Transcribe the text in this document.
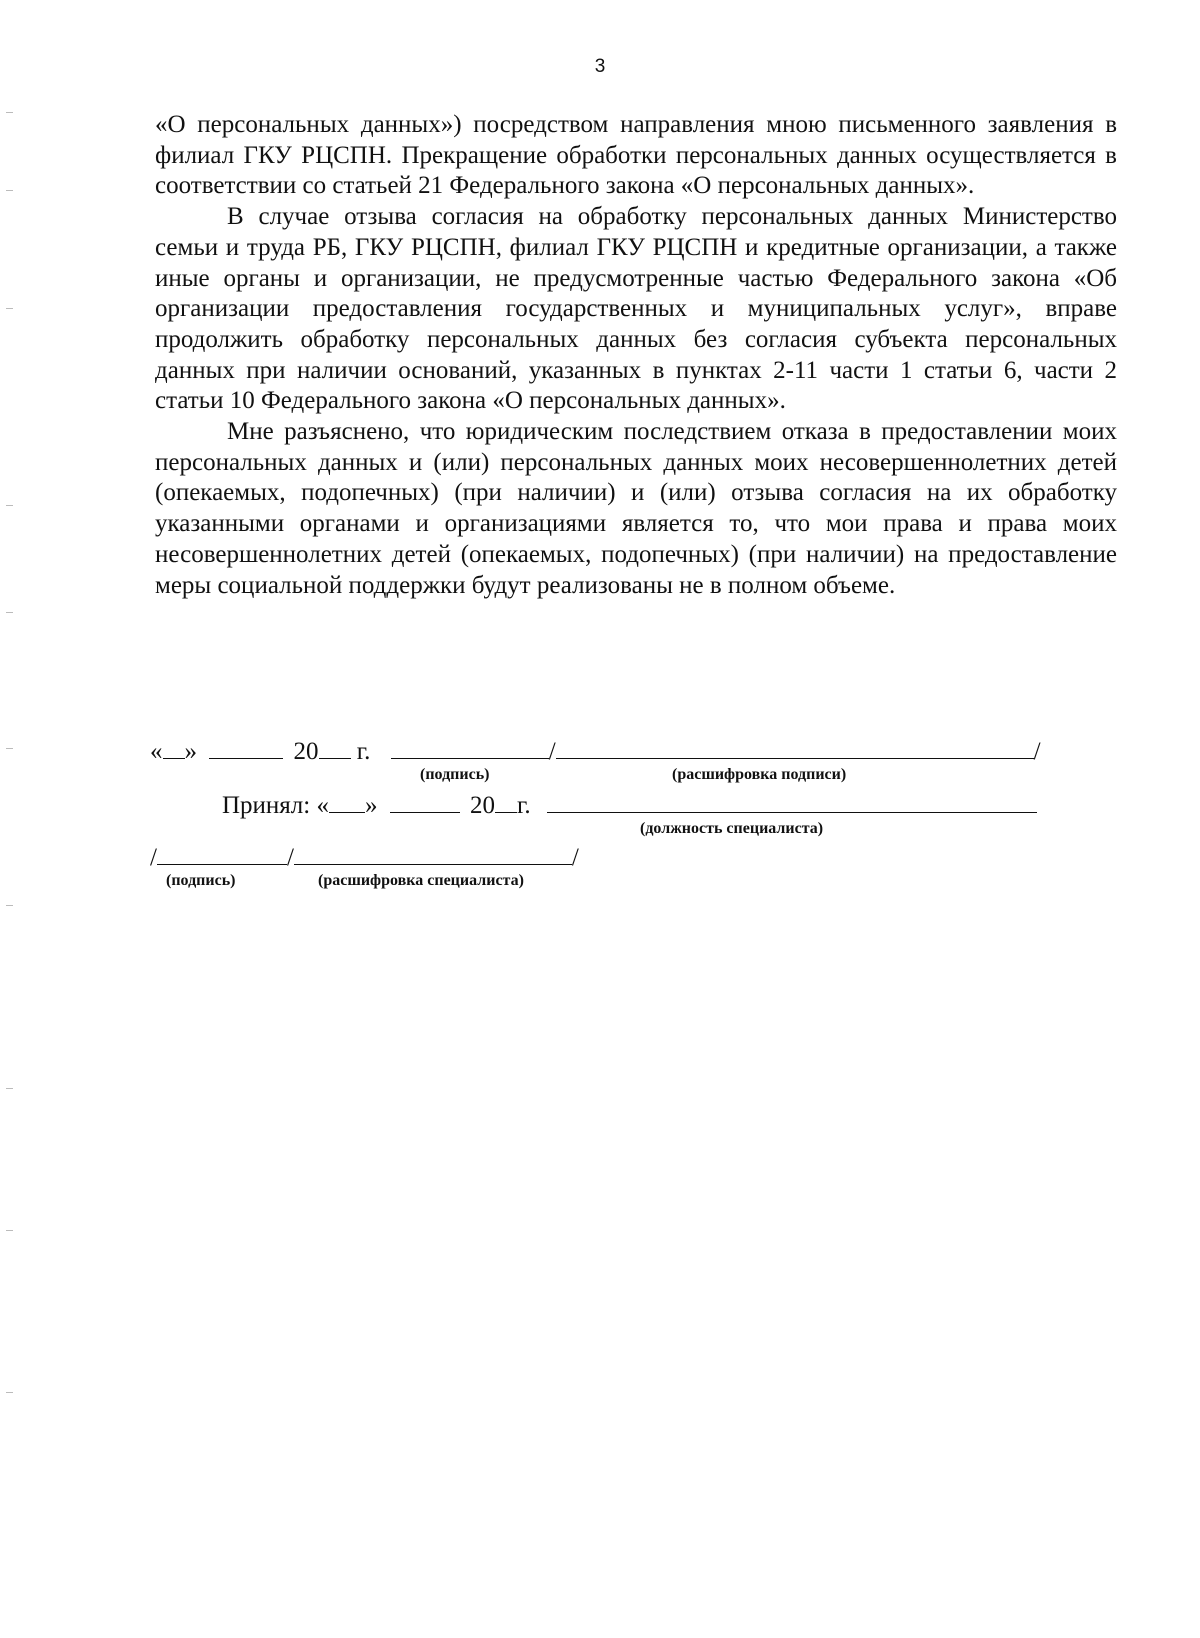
3

«О персональных данных») посредством направления мною письменного заявления в филиал ГКУ РЦСПН. Прекращение обработки персональных данных осуществляется в соответствии со статьей 21 Федерального закона «О персональных данных».

В случае отзыва согласия на обработку персональных данных Министерство семьи и труда РБ, ГКУ РЦСПН, филиал ГКУ РЦСПН и кредитные организации, а также иные органы и организации, не предусмотренные частью Федерального закона «Об организации предоставления государственных и муниципальных услуг», вправе продолжить обработку персональных данных без согласия субъекта персональных данных при наличии оснований, указанных в пунктах 2-11 части 1 статьи 6, части 2 статьи 10 Федерального закона «О персональных данных».

Мне разъяснено, что юридическим последствием отказа в предоставлении моих персональных данных и (или) персональных данных моих несовершеннолетних детей (опекаемых, подопечных) (при наличии) и (или) отзыва согласия на их обработку указанными органами и организациями является то, что мои права и права моих несовершеннолетних детей (опекаемых, подопечных) (при наличии) на предоставление меры социальной поддержки будут реализованы не в полном объеме.

« »	20 г.	/	/
(подпись)	(расшифровка подписи)
Принял: « »	20 г.
(должность специалиста)
/	/	/
(подпись)	(расшифровка специалиста)
